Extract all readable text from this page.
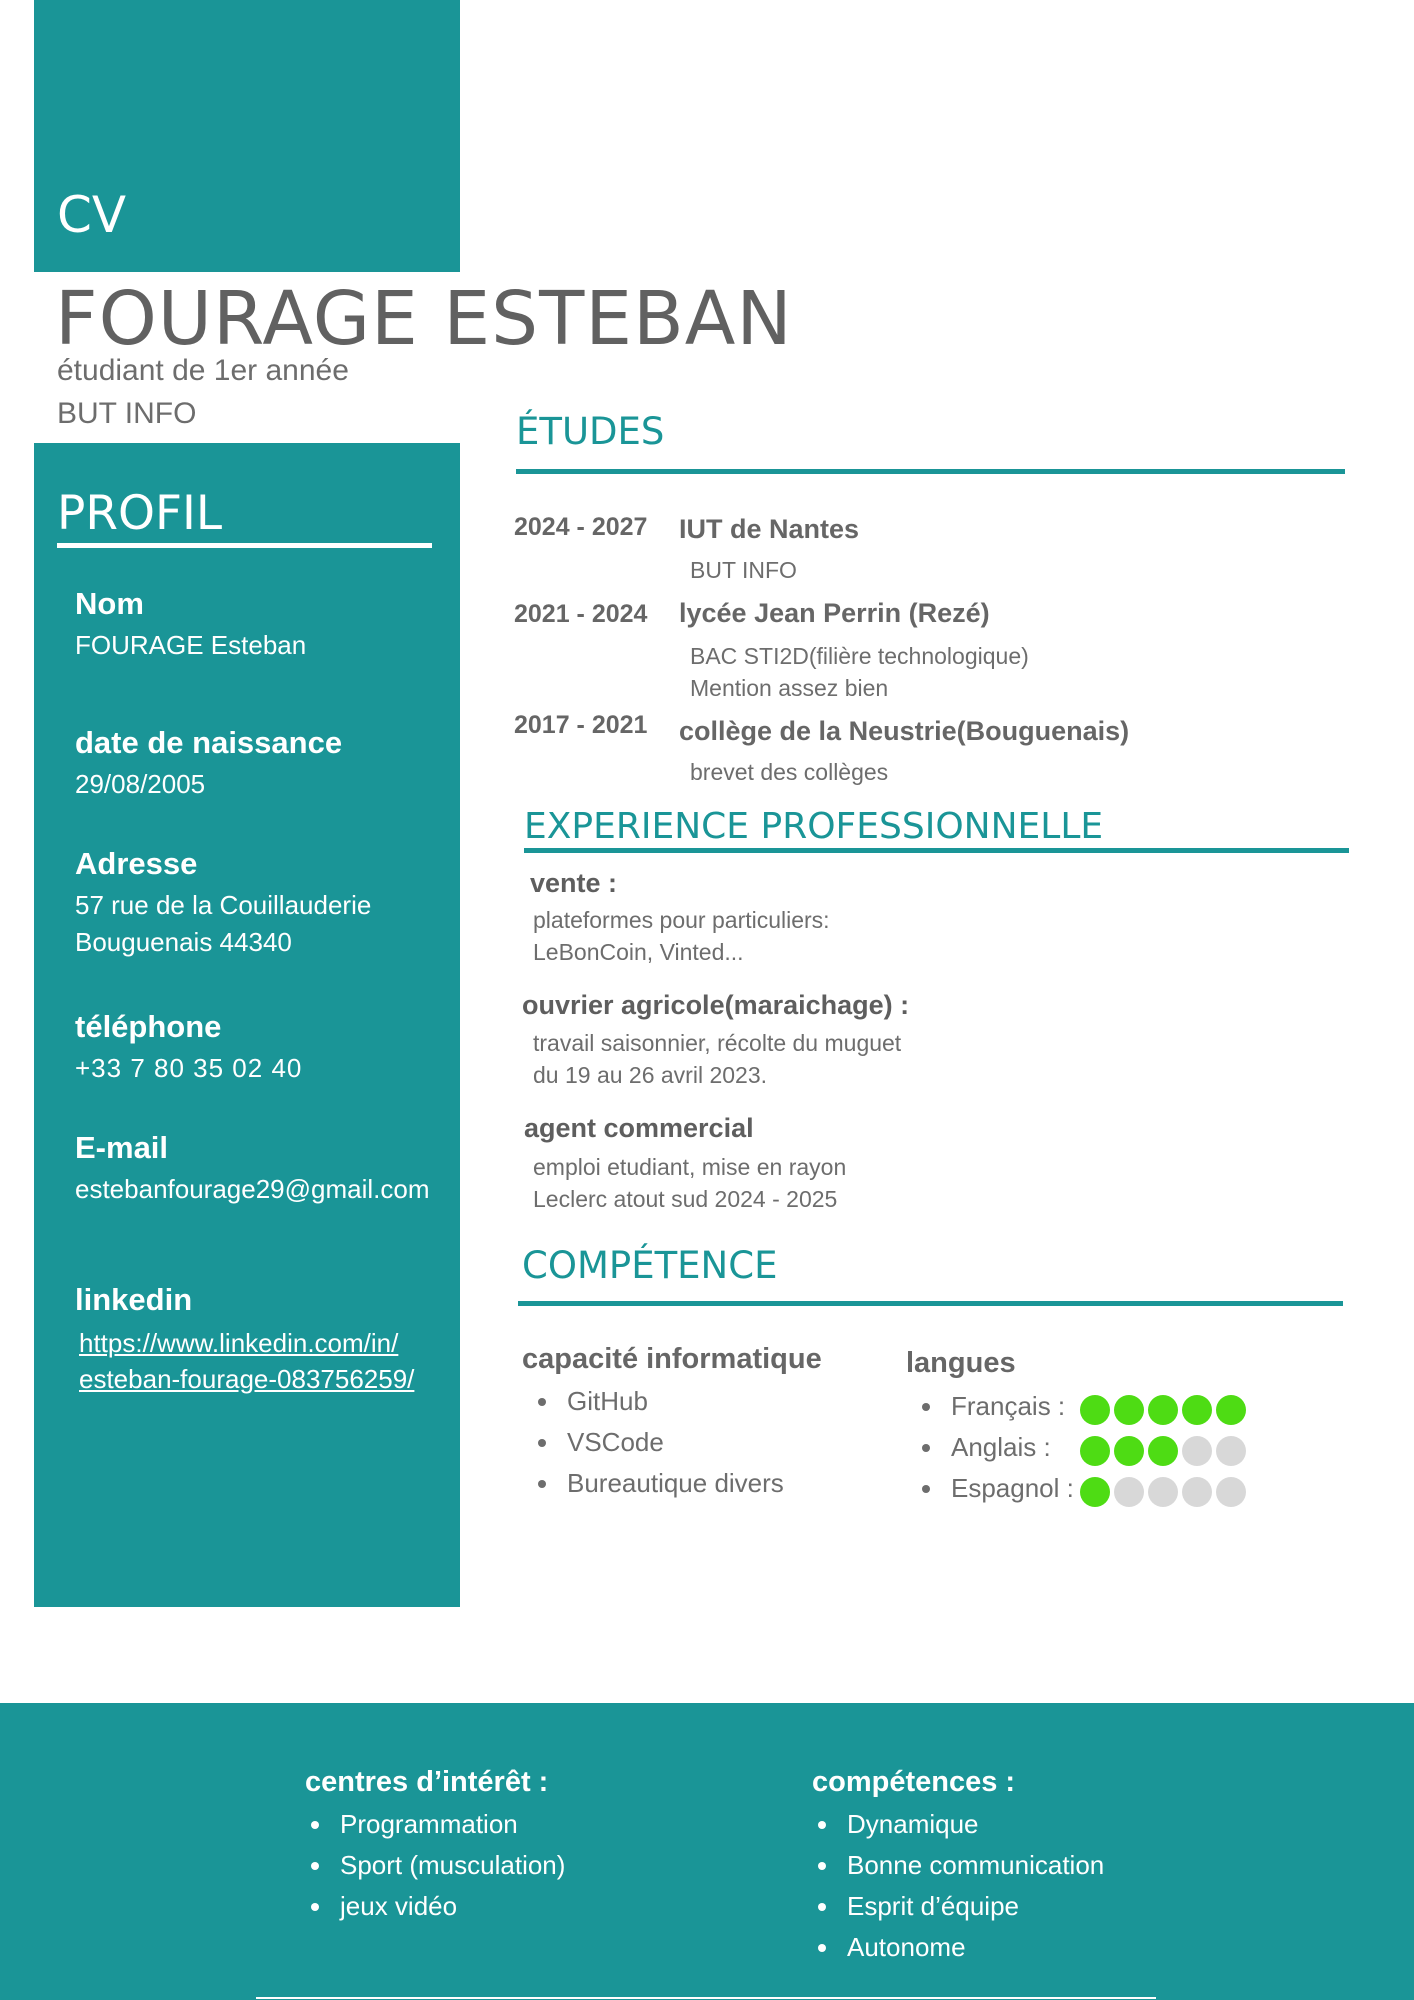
CV
FOURAGE ESTEBAN
étudiant de 1er année
BUT INFO
PROFIL
Nom
FOURAGE Esteban
date de naissance
29/08/2005
Adresse
57 rue de la Couillauderie
Bouguenais 44340
téléphone
+33 7 80 35 02 40
E-mail
estebanfourage29@gmail.com
linkedin
https://www.linkedin.com/in/
esteban-fourage-083756259/
ÉTUDES
2024 - 2027 IUT de Nantes
BUT INFO
2021 - 2024 lycée Jean Perrin (Rezé)
BAC STI2D(filière technologique)
Mention assez bien
2017 - 2021 collège de la Neustrie(Bouguenais)
brevet des collèges
EXPERIENCE PROFESSIONNELLE
vente :
plateformes pour particuliers:
LeBonCoin, Vinted...
ouvrier agricole(maraichage) :
travail saisonnier, récolte du muguet
du 19 au 26 avril 2023.
agent commercial
emploi etudiant, mise en rayon
Leclerc atout sud 2024 - 2025
COMPÉTENCE
capacité informatique
GitHub
VSCode
Bureautique divers
langues
Français :
Anglais :
Espagnol :
centres d’intérêt :
Programmation
Sport (musculation)
jeux vidéo
compétences :
Dynamique
Bonne communication
Esprit d’équipe
Autonome
